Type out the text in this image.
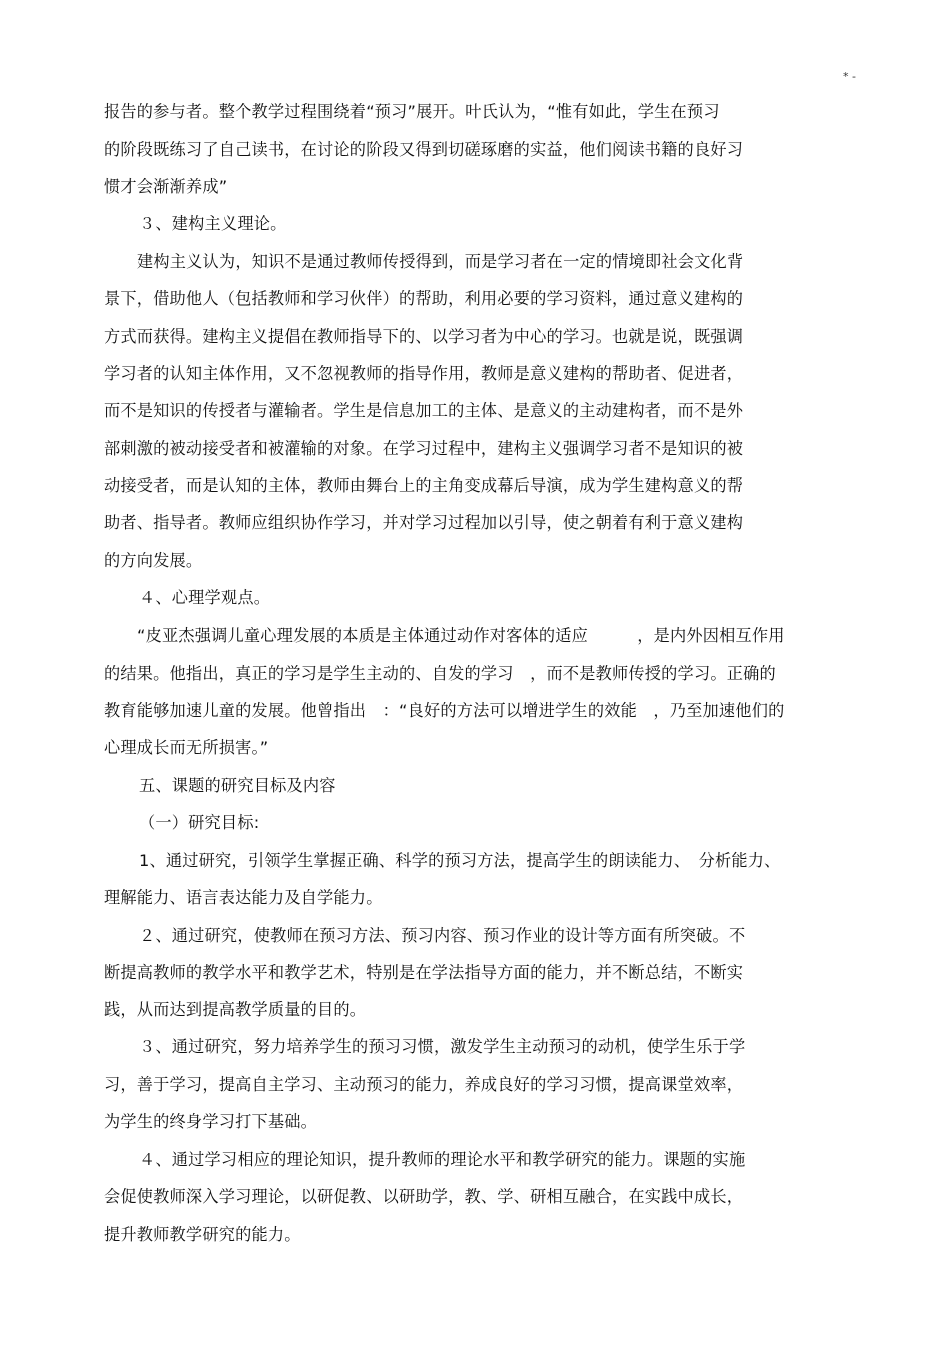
* -
报告的参与者。整个教学过程围绕着“预习”展开。叶氏认为，“惟有如此，学生在预习
的阶段既练习了自己读书，在讨论的阶段又得到切磋琢磨的实益，他们阅读书籍的良好习
惯才会渐渐养成”
３、建构主义理论。
建构主义认为，知识不是通过教师传授得到，而是学习者在一定的情境即社会文化背
景下，借助他人（包括教师和学习伙伴）的帮助，利用必要的学习资料，通过意义建构的
方式而获得。建构主义提倡在教师指导下的、以学习者为中心的学习。也就是说，既强调
学习者的认知主体作用，又不忽视教师的指导作用，教师是意义建构的帮助者、促进者，
而不是知识的传授者与灌输者。学生是信息加工的主体、是意义的主动建构者，而不是外
部刺激的被动接受者和被灌输的对象。在学习过程中，建构主义强调学习者不是知识的被
动接受者，而是认知的主体，教师由舞台上的主角变成幕后导演，成为学生建构意义的帮
助者、指导者。教师应组织协作学习，并对学习过程加以引导，使之朝着有利于意义建构
的方向发展。
４、心理学观点。
“皮亚杰强调儿童心理发展的本质是主体通过动作对客体的适应　　　，是内外因相互作用
的结果。他指出，真正的学习是学生主动的、自发的学习　，而不是教师传授的学习。正确的
教育能够加速儿童的发展。他曾指出　：“良好的方法可以增进学生的效能　，乃至加速他们的
心理成长而无所损害。”
五、课题的研究目标及内容
（一）研究目标:
1、通过研究，引领学生掌握正确、科学的预习方法，提高学生的朗读能力、　分析能力、
理解能力、语言表达能力及自学能力。
２、通过研究，使教师在预习方法、预习内容、预习作业的设计等方面有所突破。不
断提高教师的教学水平和教学艺术，特别是在学法指导方面的能力，并不断总结，不断实
践，从而达到提高教学质量的目的。
３、通过研究，努力培养学生的预习习惯，激发学生主动预习的动机，使学生乐于学
习，善于学习，提高自主学习、主动预习的能力，养成良好的学习习惯，提高课堂效率，
为学生的终身学习打下基础。
４、通过学习相应的理论知识，提升教师的理论水平和教学研究的能力。课题的实施
会促使教师深入学习理论，以研促教、以研助学，教、学、研相互融合，在实践中成长，
提升教师教学研究的能力。
